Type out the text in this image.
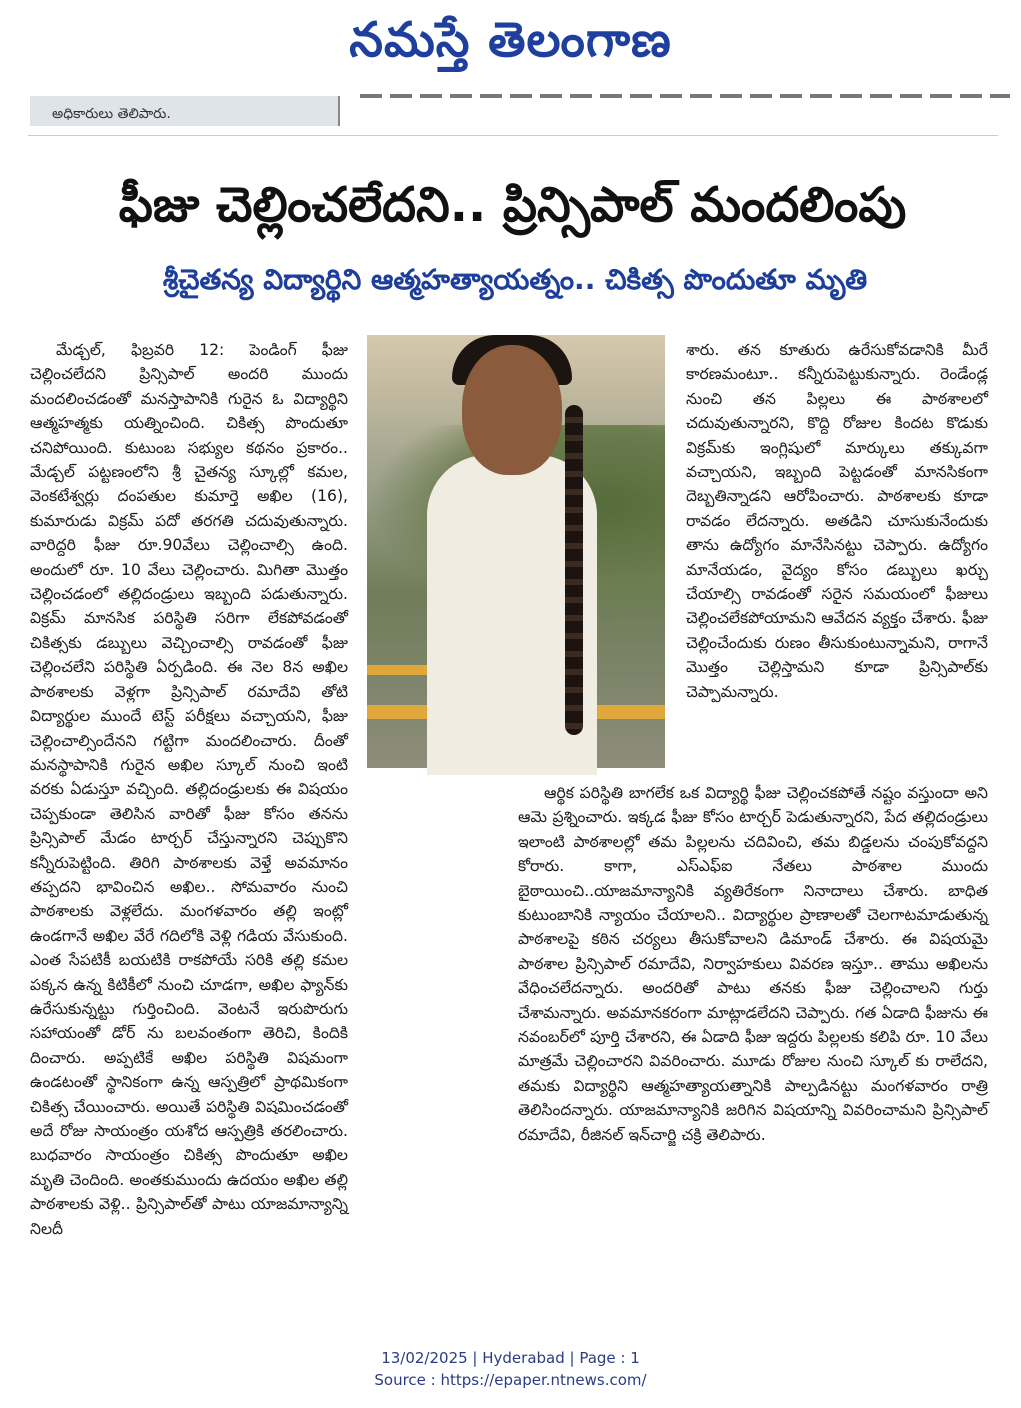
నమస్తే తెలంగాణ
అధికారులు తెలిపారు.
ఫీజు చెల్లించలేదని.. ప్రిన్సిపాల్ మందలింపు
శ్రీచైతన్య విద్యార్థిని ఆత్మహత్యాయత్నం.. చికిత్స పొందుతూ మృతి

మేడ్చల్, ఫిబ్రవరి 12: పెండింగ్ ఫీజు చెల్లించలేదని ప్రిన్సిపాల్ అందరి ముందు మందలించడంతో మనస్తాపానికి గురైన ఓ విద్యార్థిని ఆత్మహత్మకు యత్నించింది. చికిత్స పొందుతూ చనిపోయింది. కుటుంబ సభ్యుల కథనం ప్రకారం.. మేడ్చల్ పట్టణంలోని శ్రీ చైతన్య స్కూల్లో కమల, వెంకటేశ్వర్లు దంపతుల కుమార్తె అఖిల (16), కుమారుడు విక్రమ్ పదో తరగతి చదువుతున్నారు. వారిద్దరి ఫీజు రూ.90వేలు చెల్లించాల్సి ఉంది. అందులో రూ. 10 వేలు చెల్లించారు. మిగితా మొత్తం చెల్లించడంలో తల్లిదండ్రులు ఇబ్బంది పడుతున్నారు. విక్రమ్ మానసిక పరిస్థితి సరిగా లేకపోవడంతో చికిత్సకు డబ్బులు వెచ్చించాల్సి రావడంతో ఫీజు చెల్లించలేని పరిస్థితి ఏర్పడింది. ఈ నెల 8న అఖిల పాఠశాలకు వెళ్లగా ప్రిన్సిపాల్ రమాదేవి తోటి విద్యార్థుల ముందే టెస్ట్ పరీక్షలు వచ్చాయని, ఫీజు చెల్లించాల్సిందేనని గట్టిగా మందలించారు. దీంతో మనస్థాపానికి గురైన అఖిల స్కూల్ నుంచి ఇంటి వరకు ఏడుస్తూ వచ్చింది. తల్లిదండ్రులకు ఈ విషయం చెప్పకుండా తెలిసిన వారితో ఫీజు కోసం తనను ప్రిన్సిపాల్ మేడం టార్చర్ చేస్తున్నారని చెప్పుకొని కన్నీరుపెట్టింది. తిరిగి పాఠశాలకు వెళ్తే అవమానం తప్పదని భావించిన అఖిల.. సోమవారం నుంచి పాఠశాలకు వెళ్లలేదు. మంగళవారం తల్లి ఇంట్లో ఉండగానే అఖిల వేరే గదిలోకి వెళ్లి గడియ వేసుకుంది. ఎంత సేపటికీ బయటికి రాకపోయే సరికి తల్లి కమల పక్కన ఉన్న కిటికీలో నుంచి చూడగా, అఖిల ఫ్యాన్‌కు ఉరేసుకున్నట్టు గుర్తించింది. వెంటనే ఇరుపొరుగు సహాయంతో డోర్ ను బలవంతంగా తెరిచి, కిందికి దించారు. అప్పటికే అఖిల పరిస్థితి విషమంగా ఉండటంతో స్థానికంగా ఉన్న ఆస్పత్రిలో ప్రాథమికంగా చికిత్స చేయించారు. అయితే పరిస్థితి విషమించడంతో అదే రోజు సాయంత్రం యశోద ఆస్పత్రికి తరలించారు. బుధవారం సాయంత్రం చికిత్స పొందుతూ అఖిల మృతి చెందింది. అంతకుముందు ఉదయం అఖిల తల్లి పాఠశాలకు వెళ్లి.. ప్రిన్సిపాల్‌తో పాటు యాజమాన్యాన్ని నిలదీ

శారు. తన కూతురు ఉరేసుకోవడానికి మీరే కారణమంటూ.. కన్నీరుపెట్టుకున్నారు. రెండేండ్ల నుంచి తన పిల్లలు ఈ పాఠశాలలో చదువుతున్నారని, కొద్ది రోజుల కిందట కొడుకు విక్రమ్‌కు ఇంగ్లిషులో మార్కులు తక్కువగా వచ్చాయని, ఇబ్బంది పెట్టడంతో మానసికంగా దెబ్బతిన్నాడని ఆరోపించారు. పాఠశాలకు కూడా రావడం లేదన్నారు. అతడిని చూసుకునేందుకు తాను ఉద్యోగం మానేసినట్టు చెప్పారు. ఉద్యోగం మానేయడం, వైద్యం కోసం డబ్బులు ఖర్చు చేయాల్సి రావడంతో సరైన సమయంలో ఫీజులు చెల్లించలేకపోయామని ఆవేదన వ్యక్తం చేశారు. ఫీజు చెల్లించేందుకు రుణం తీసుకుంటున్నామని, రాగానే మొత్తం చెల్లిస్తామని కూడా ప్రిన్సిపాల్‌కు చెప్పామన్నారు.

ఆర్థిక పరిస్థితి బాగలేక ఒక విద్యార్థి ఫీజు చెల్లించకపోతే నష్టం వస్తుందా అని ఆమె ప్రశ్నించారు. ఇక్కడ ఫీజు కోసం టార్చర్ పెడుతున్నారని, పేద తల్లిదండ్రులు ఇలాంటి పాఠశాలల్లో తమ పిల్లలను చదివించి, తమ బిడ్డలను చంపుకోవద్దని కోరారు. కాగా, ఎస్ఎఫ్ఐ నేతలు పాఠశాల ముందు బైఠాయించి..యాజమాన్యానికి వ్యతిరేకంగా నినాదాలు చేశారు. బాధిత కుటుంబానికి న్యాయం చేయాలని.. విద్యార్థుల ప్రాణాలతో చెలగాటమాడుతున్న పాఠశాలపై కఠిన చర్యలు తీసుకోవాలని డిమాండ్ చేశారు. ఈ విషయమై పాఠశాల ప్రిన్సిపాల్ రమాదేవి, నిర్వాహకులు వివరణ ఇస్తూ.. తాము అఖిలను వేధించలేదన్నారు. అందరితో పాటు తనకు ఫీజు చెల్లించాలని గుర్తు చేశామన్నారు. అవమానకరంగా మాట్లాడలేదని చెప్పారు. గత ఏడాది ఫీజును ఈ నవంబర్‌లో పూర్తి చేశారని, ఈ ఏడాది ఫీజు ఇద్దరు పిల్లలకు కలిపి రూ. 10 వేలు మాత్రమే చెల్లించారని వివరించారు. మూడు రోజుల నుంచి స్కూల్ కు రాలేదని, తమకు విద్యార్థిని ఆత్మహత్యాయత్నానికి పాల్పడినట్టు మంగళవారం రాత్రి తెలిసిందన్నారు. యాజమాన్యానికి జరిగిన విషయాన్ని వివరించామని ప్రిన్సిపాల్ రమాదేవి, రీజినల్ ఇన్‌చార్జి చక్రి తెలిపారు.

13/02/2025 | Hyderabad | Page : 1
Source : https://epaper.ntnews.com/
